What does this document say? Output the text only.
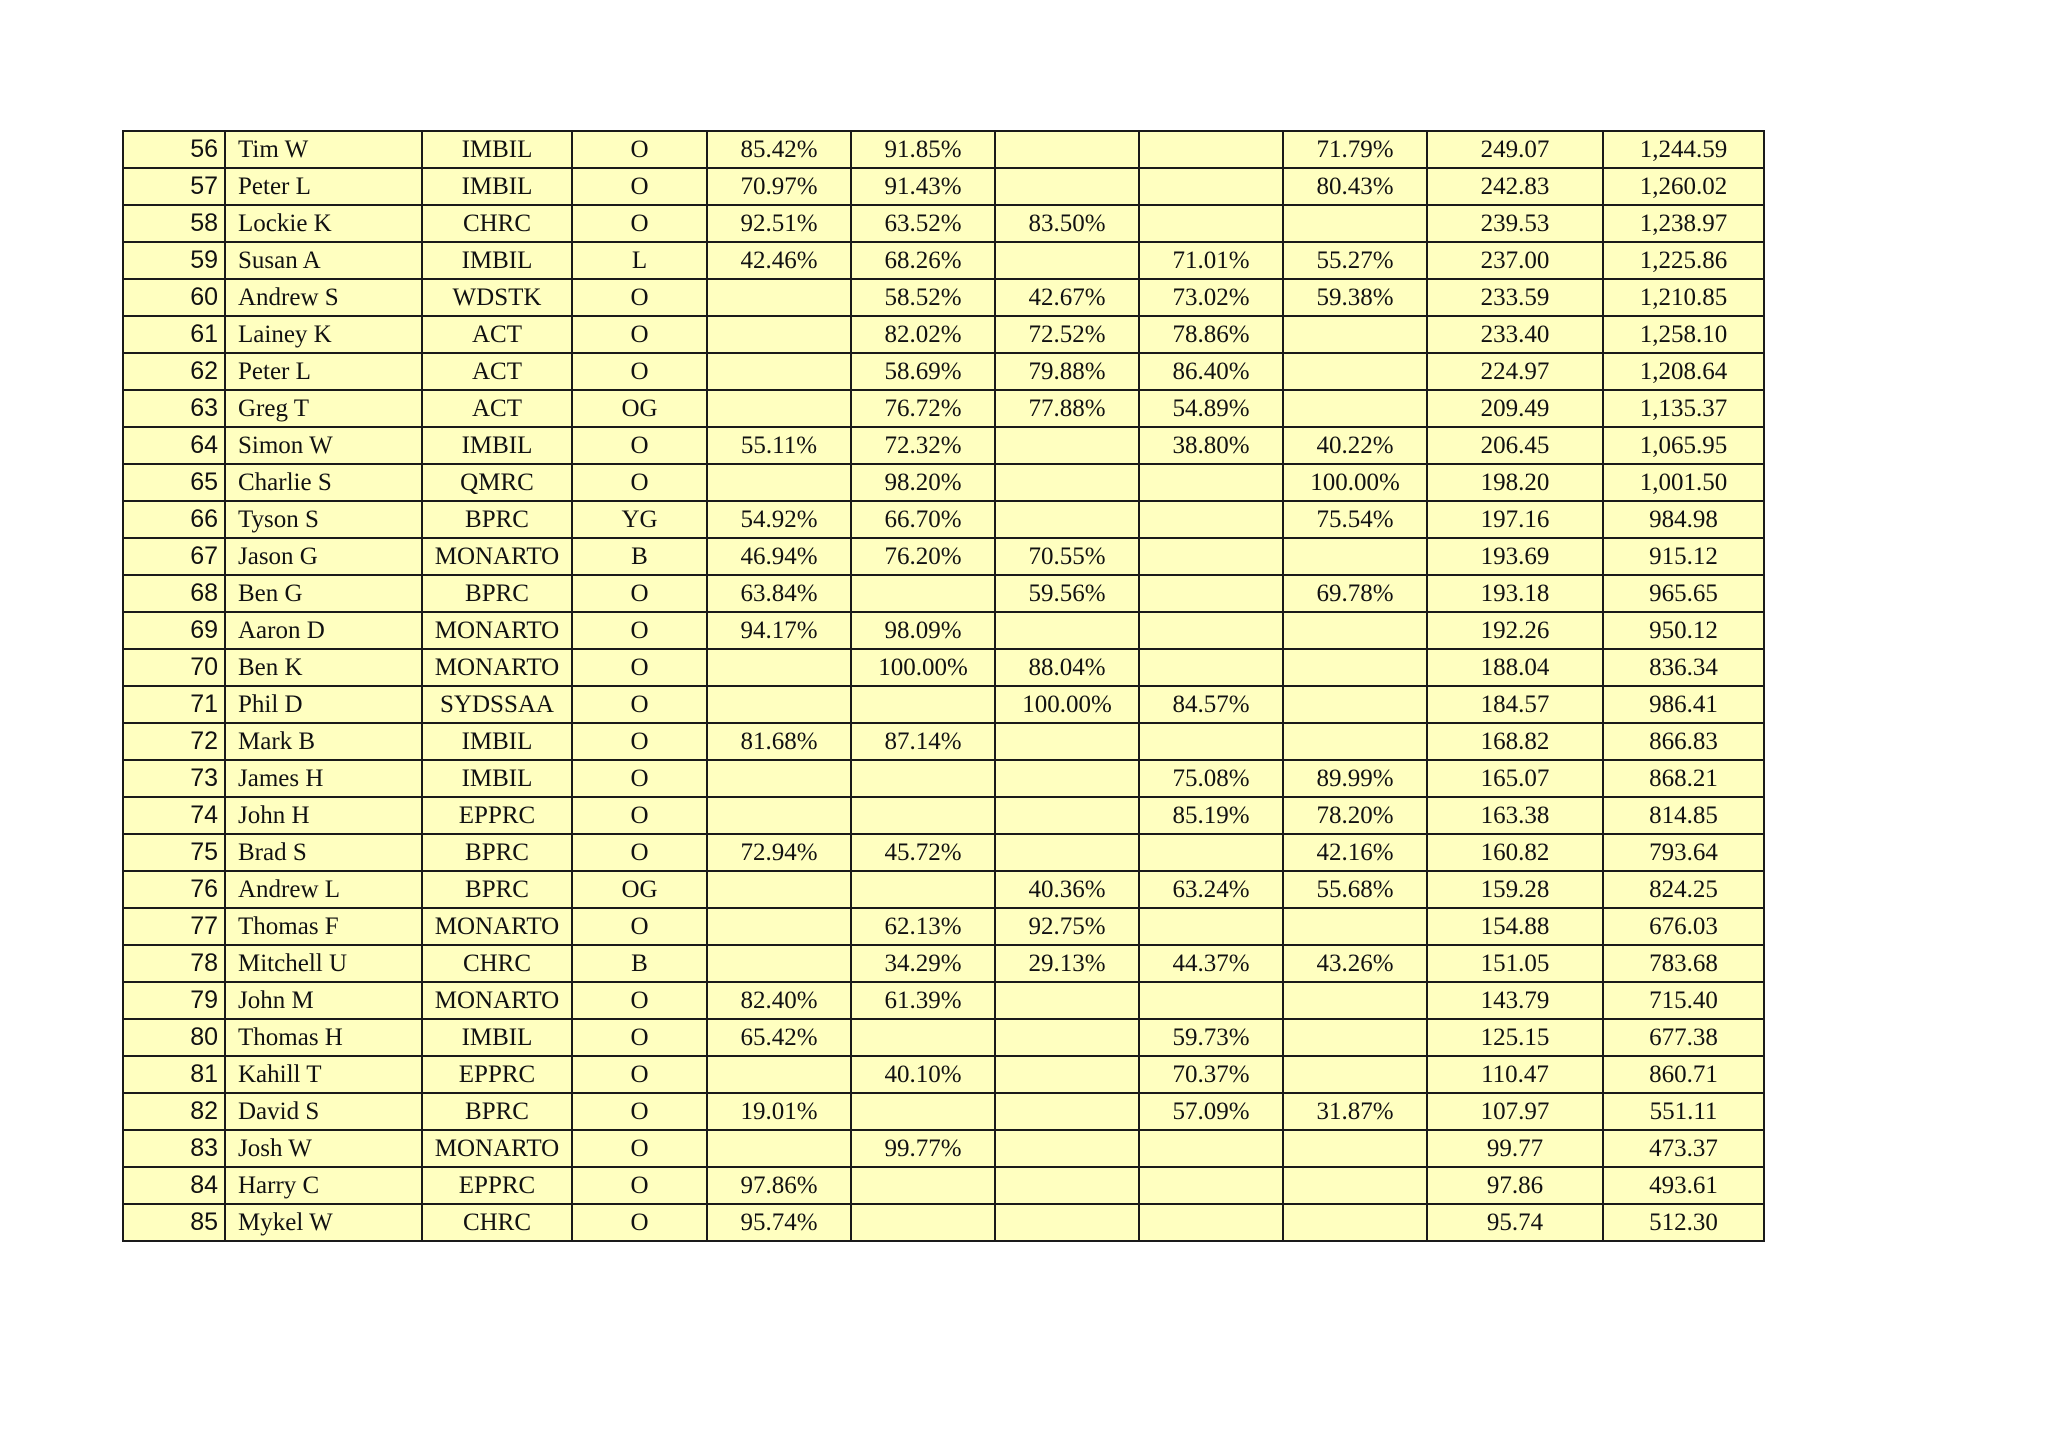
56	Tim W	IMBIL	O	85.42%	91.85%			71.79%	249.07	1,244.59
57	Peter L	IMBIL	O	70.97%	91.43%			80.43%	242.83	1,260.02
58	Lockie K	CHRC	O	92.51%	63.52%	83.50%			239.53	1,238.97
59	Susan A	IMBIL	L	42.46%	68.26%		71.01%	55.27%	237.00	1,225.86
60	Andrew S	WDSTK	O		58.52%	42.67%	73.02%	59.38%	233.59	1,210.85
61	Lainey K	ACT	O		82.02%	72.52%	78.86%		233.40	1,258.10
62	Peter L	ACT	O		58.69%	79.88%	86.40%		224.97	1,208.64
63	Greg T	ACT	OG		76.72%	77.88%	54.89%		209.49	1,135.37
64	Simon W	IMBIL	O	55.11%	72.32%		38.80%	40.22%	206.45	1,065.95
65	Charlie S	QMRC	O		98.20%			100.00%	198.20	1,001.50
66	Tyson S	BPRC	YG	54.92%	66.70%			75.54%	197.16	984.98
67	Jason G	MONARTO	B	46.94%	76.20%	70.55%			193.69	915.12
68	Ben G	BPRC	O	63.84%		59.56%		69.78%	193.18	965.65
69	Aaron D	MONARTO	O	94.17%	98.09%				192.26	950.12
70	Ben K	MONARTO	O		100.00%	88.04%			188.04	836.34
71	Phil D	SYDSSAA	O			100.00%	84.57%		184.57	986.41
72	Mark B	IMBIL	O	81.68%	87.14%				168.82	866.83
73	James H	IMBIL	O				75.08%	89.99%	165.07	868.21
74	John H	EPPRC	O				85.19%	78.20%	163.38	814.85
75	Brad S	BPRC	O	72.94%	45.72%			42.16%	160.82	793.64
76	Andrew L	BPRC	OG			40.36%	63.24%	55.68%	159.28	824.25
77	Thomas F	MONARTO	O		62.13%	92.75%			154.88	676.03
78	Mitchell U	CHRC	B		34.29%	29.13%	44.37%	43.26%	151.05	783.68
79	John M	MONARTO	O	82.40%	61.39%				143.79	715.40
80	Thomas H	IMBIL	O	65.42%			59.73%		125.15	677.38
81	Kahill T	EPPRC	O		40.10%		70.37%		110.47	860.71
82	David S	BPRC	O	19.01%			57.09%	31.87%	107.97	551.11
83	Josh W	MONARTO	O		99.77%				99.77	473.37
84	Harry C	EPPRC	O	97.86%					97.86	493.61
85	Mykel W	CHRC	O	95.74%					95.74	512.30
